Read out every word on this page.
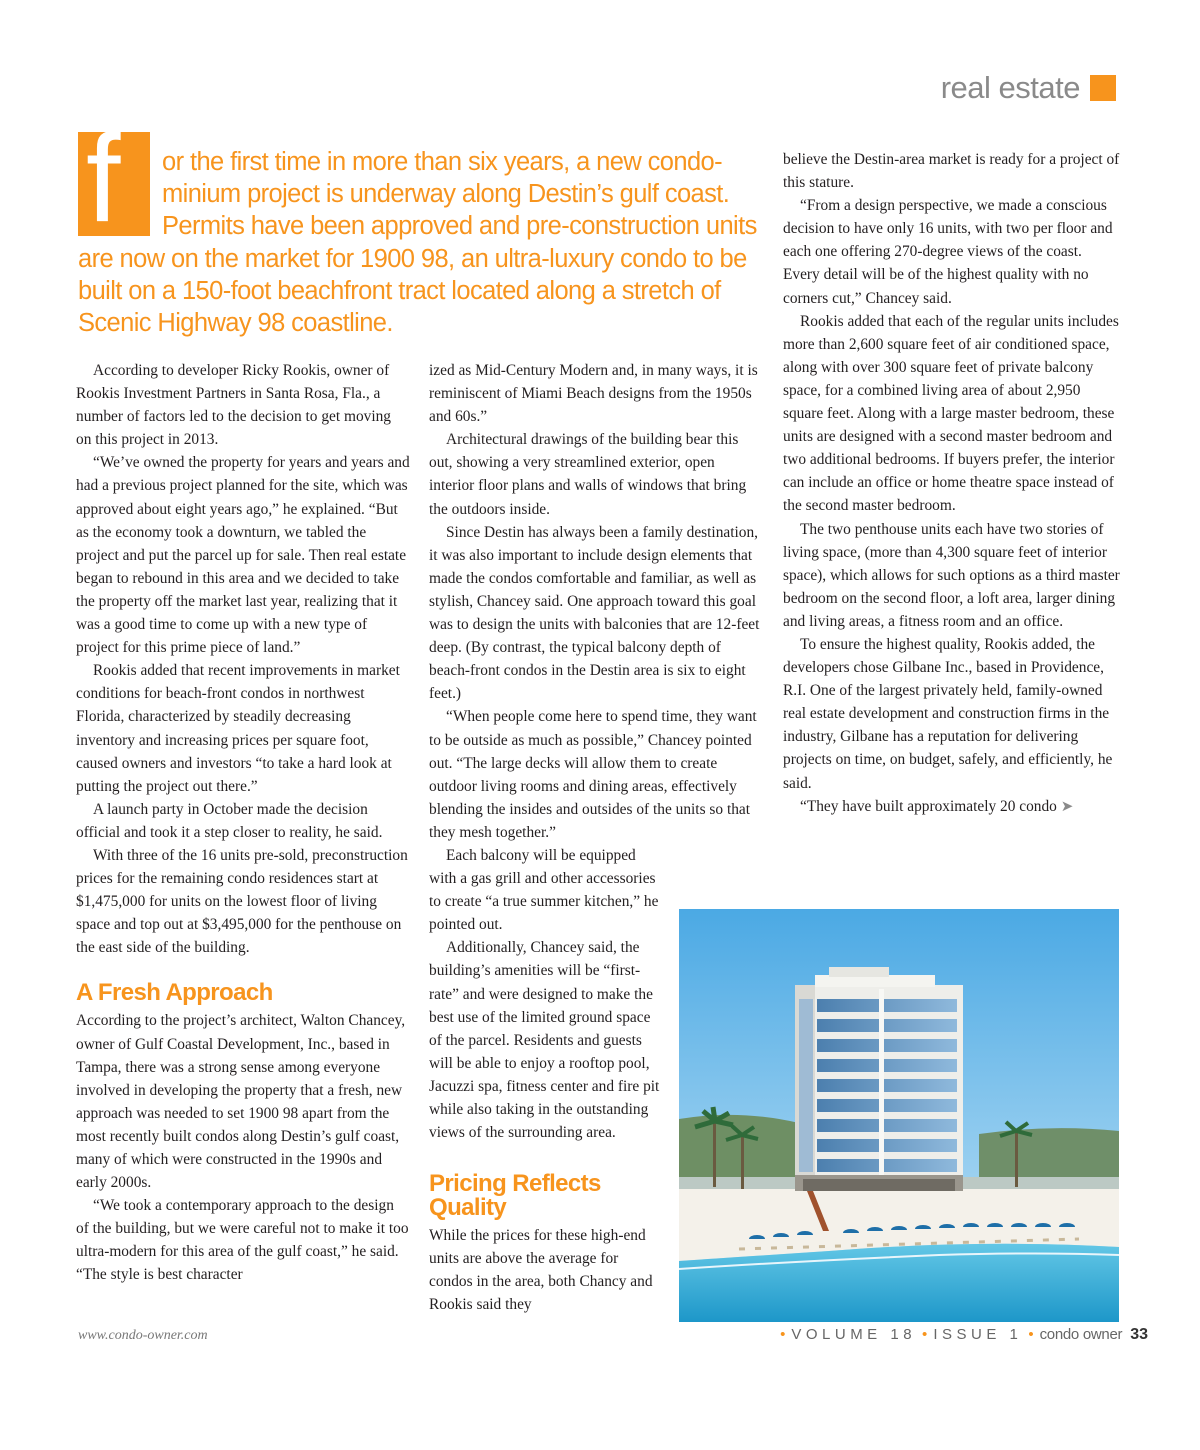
real estate
f or the first time in more than six years, a new condominium project is underway along Destin’s gulf coast. Permits have been approved and pre-construction units are now on the market for 1900 98, an ultra-luxury condo to be built on a 150-foot beachfront tract located along a stretch of Scenic Highway 98 coastline.

According to developer Ricky Rookis, owner of Rookis Investment Partners in Santa Rosa, Fla., a number of factors led to the decision to get moving on this project in 2013.

“We’ve owned the property for years and years and had a previous project planned for the site, which was approved about eight years ago,” he explained. “But as the economy took a downturn, we tabled the project and put the parcel up for sale. Then real estate began to rebound in this area and we decided to take the property off the market last year, realizing that it was a good time to come up with a new type of project for this prime piece of land.”

Rookis added that recent improvements in market conditions for beach-front condos in northwest Florida, characterized by steadily decreasing inventory and increasing prices per square foot, caused owners and investors “to take a hard look at putting the project out there.”

A launch party in October made the decision official and took it a step closer to reality, he said.

With three of the 16 units pre-sold, preconstruction prices for the remaining condo residences start at $1,475,000 for units on the lowest floor of living space and top out at $3,495,000 for the penthouse on the east side of the building.

A Fresh Approach

According to the project’s architect, Walton Chancey, owner of Gulf Coastal Development, Inc., based in Tampa, there was a strong sense among everyone involved in developing the property that a fresh, new approach was needed to set 1900 98 apart from the most recently built condos along Destin’s gulf coast, many of which were constructed in the 1990s and early 2000s.

“We took a contemporary approach to the design of the building, but we were careful not to make it too ultra-modern for this area of the gulf coast,” he said. “The style is best character

ized as Mid-Century Modern and, in many ways, it is reminiscent of Miami Beach designs from the 1950s and 60s.”

Architectural drawings of the building bear this out, showing a very streamlined exterior, open interior floor plans and walls of windows that bring the outdoors inside.

Since Destin has always been a family destination, it was also important to include design elements that made the condos comfortable and familiar, as well as stylish, Chancey said. One approach toward this goal was to design the units with balconies that are 12-feet deep. (By contrast, the typical balcony depth of beach-front condos in the Destin area is six to eight feet.)

“When people come here to spend time, they want to be outside as much as possible,” Chancey pointed out. “The large decks will allow them to create outdoor living rooms and dining areas, effectively blending the insides and outsides of the units so that they mesh together.”

Each balcony will be equipped with a gas grill and other accessories to create “a true summer kitchen,” he pointed out.

Additionally, Chancey said, the building’s amenities will be “first-rate” and were designed to make the best use of the limited ground space of the parcel. Residents and guests will be able to enjoy a rooftop pool, Jacuzzi spa, fitness center and fire pit while also taking in the outstanding views of the surrounding area.

Pricing Reflects
Quality

While the prices for these high-end units are above the average for condos in the area, both Chancy and Rookis said they

believe the Destin-area market is ready for a project of this stature.

“From a design perspective, we made a conscious decision to have only 16 units, with two per floor and each one offering 270-degree views of the coast. Every detail will be of the highest quality with no corners cut,” Chancey said.

Rookis added that each of the regular units includes more than 2,600 square feet of air conditioned space, along with over 300 square feet of private balcony space, for a combined living area of about 2,950 square feet. Along with a large master bedroom, these units are designed with a second master bedroom and two additional bedrooms. If buyers prefer, the interior can include an office or home theatre space instead of the second master bedroom.

The two penthouse units each have two stories of living space, (more than 4,300 square feet of interior space), which allows for such options as a third master bedroom on the second floor, a loft area, larger dining and living areas, a fitness room and an office.

To ensure the highest quality, Rookis added, the developers chose Gilbane Inc., based in Providence, R.I. One of the largest privately held, family-owned real estate development and construction firms in the industry, Gilbane has a reputation for delivering projects on time, on budget, safely, and efficiently, he said.

“They have built approximately 20 condo ➤

www.condo-owner.com	• VOLUME 18 • ISSUE 1 • condo owner 33
